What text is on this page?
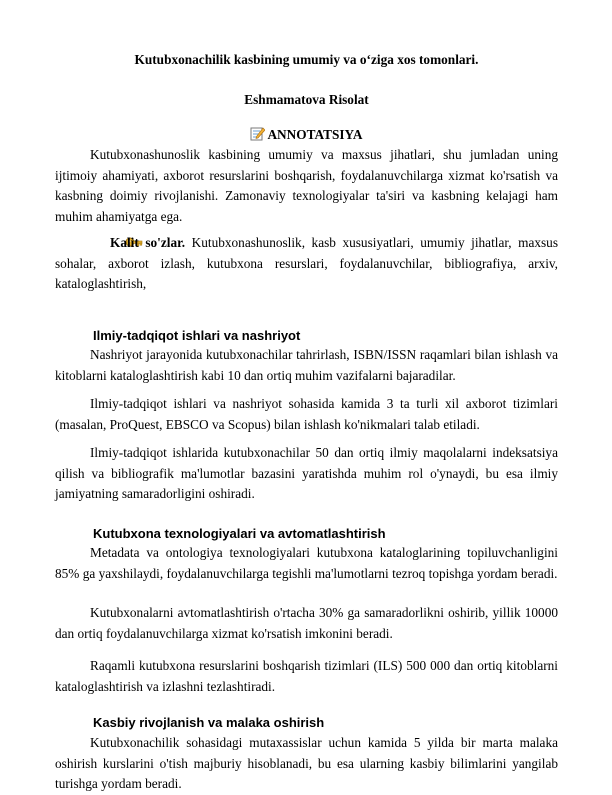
Kutubxonachilik kasbining umumiy va o‘ziga xos tomonlari.
Eshmamatova Risolat
ANNOTATSIYA

Kutubxonashunoslik kasbining umumiy va maxsus jihatlari, shu jumladan uning ijtimoiy ahamiyati, axborot resurslarini boshqarish, foydalanuvchilarga xizmat ko'rsatish va kasbning doimiy rivojlanishi. Zamonaviy texnologiyalar ta'siri va kasbning kelajagi ham muhim ahamiyatga ega.

Kalit so'zlar. Kutubxonashunoslik, kasb xususiyatlari, umumiy jihatlar, maxsus sohalar, axborot izlash, kutubxona resurslari, foydalanuvchilar, bibliografiya, arxiv, kataloglashtirish,

Ilmiy-tadqiqot ishlari va nashriyot

Nashriyot jarayonida kutubxonachilar tahrirlash, ISBN/ISSN raqamlari bilan ishlash va kitoblarni kataloglashtirish kabi 10 dan ortiq muhim vazifalarni bajaradilar.

Ilmiy-tadqiqot ishlari va nashriyot sohasida kamida 3 ta turli xil axborot tizimlari (masalan, ProQuest, EBSCO va Scopus) bilan ishlash ko'nikmalari talab etiladi.

Ilmiy-tadqiqot ishlarida kutubxonachilar 50 dan ortiq ilmiy maqolalarni indeksatsiya qilish va bibliografik ma'lumotlar bazasini yaratishda muhim rol o'ynaydi, bu esa ilmiy jamiyatning samaradorligini oshiradi.

Kutubxona texnologiyalari va avtomatlashtirish

Metadata va ontologiya texnologiyalari kutubxona kataloglarining topiluvchanligini 85% ga yaxshilaydi, foydalanuvchilarga tegishli ma'lumotlarni tezroq topishga yordam beradi.

Kutubxonalarni avtomatlashtirish o'rtacha 30% ga samaradorlikni oshirib, yillik 10000 dan ortiq foydalanuvchilarga xizmat ko'rsatish imkonini beradi.

Raqamli kutubxona resurslarini boshqarish tizimlari (ILS) 500 000 dan ortiq kitoblarni kataloglashtirish va izlashni tezlashtiradi.

Kasbiy rivojlanish va malaka oshirish

Kutubxonachilik sohasidagi mutaxassislar uchun kamida 5 yilda bir marta malaka oshirish kurslarini o'tish majburiy hisoblanadi, bu esa ularning kasbiy bilimlarini yangilab turishga yordam beradi.
